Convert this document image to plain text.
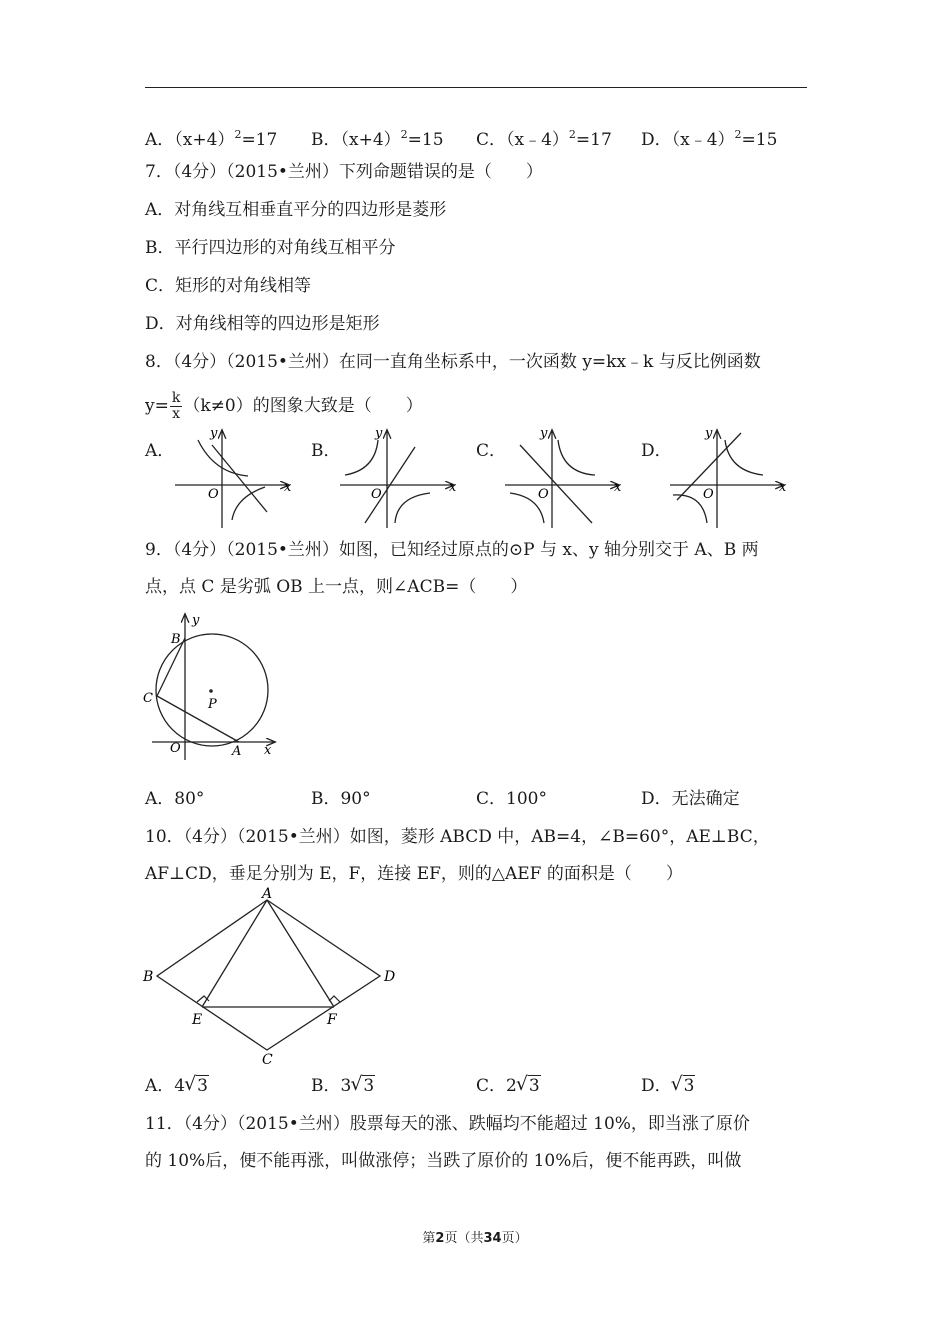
A．$(x+4)^2=17$ B．$(x+4)^2=15$ C．（x﹣4）$^2$=17 D．（x﹣4）$^2$=15
7．（4分）（2015•兰州）下列命题错误的是（　　）
A．对角线互相垂直平分的四边形是菱形
B．平行四边形的对角线互相平分
C．矩形的对角线相等
D．对角线相等的四边形是矩形
8．（4分）（2015•兰州）在同一直角坐标系中，一次函数 y=kx﹣k 与反比例函数
$y= \frac{k}{x} (k\ne 0)$的图象大致是（　　）
A．	B．	C．	D．
y
x
O
y
x
O
y
x
O
y
x
O
9．（4分）（2015•兰州）如图，已知经过原点的⊙P 与 x、y 轴分别交于 A、B 两
点，点 C 是劣弧 OB 上一点，则∠ACB=（　　）
y
x
B
C	P
O	A
A．80°	B．90°	C．100°	D．无法确定
10．（4分）（2015•兰州）如图，菱形 ABCD 中，AB=4，∠B=60°，AE⊥BC，
AF⊥CD，垂足分别为 E，F，连接 EF，则的△AEF 的面积是（　　）
A
B
C
D
E	F
A．4 √ 3	B．3 √ 3	C．2 √ 3	D． √ 3
11．（4分）（2015•兰州）股票每天的涨、跌幅均不能超过 10%，即当涨了原价
的 10%后，便不能再涨，叫做涨停；当跌了原价的 10%后，便不能再跌，叫做
第2页（共34页）
